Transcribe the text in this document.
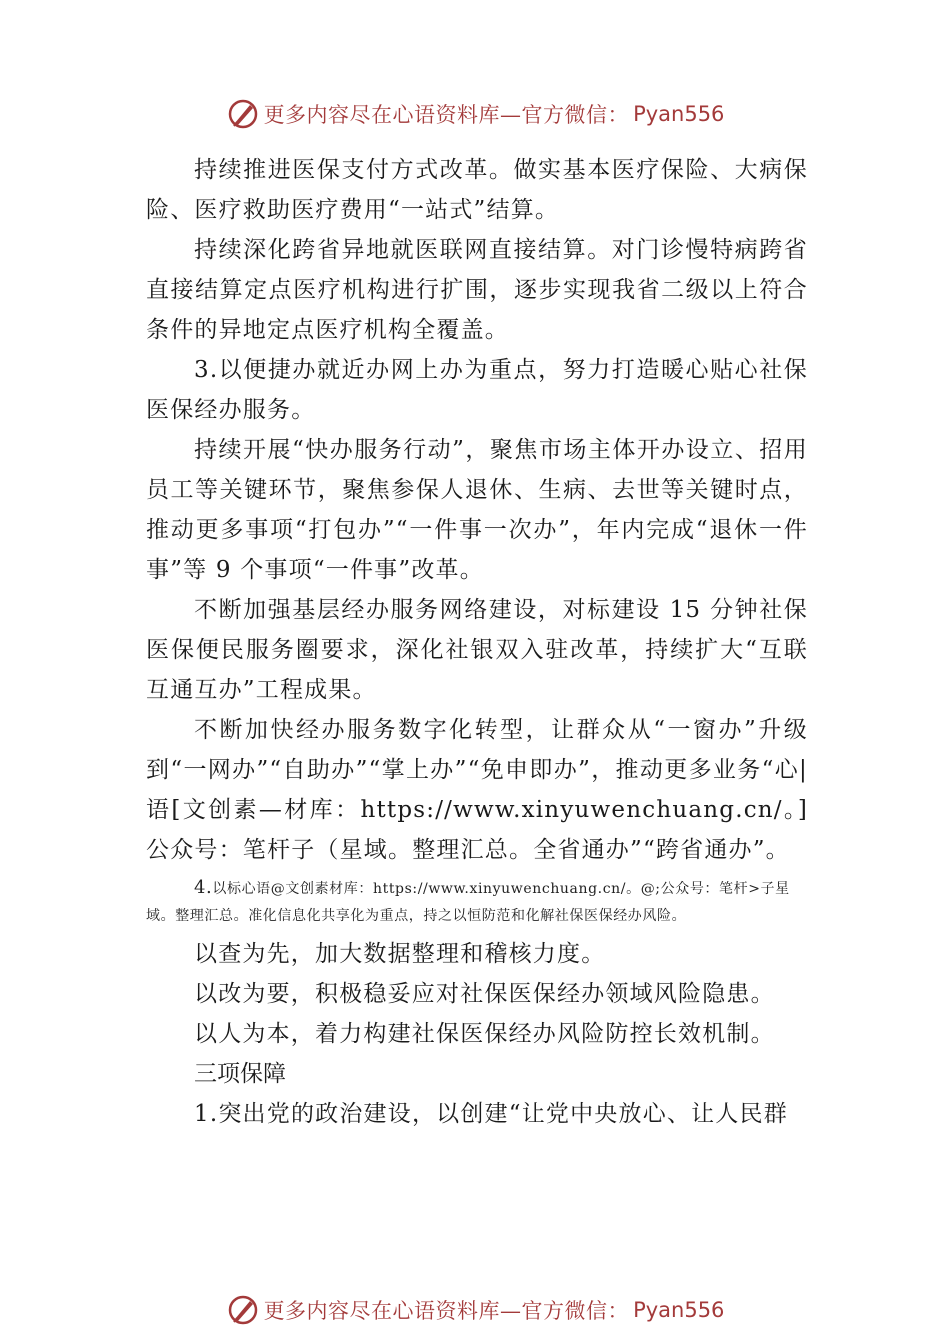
更多内容尽在心语资料库—官方微信： Pyan556

持续推进医保支付方式改革。做实基本医疗保险、大病保险、医疗救助医疗费用“一站式”结算。

持续深化跨省异地就医联网直接结算。对门诊慢特病跨省直接结算定点医疗机构进行扩围，逐步实现我省二级以上符合条件的异地定点医疗机构全覆盖。

3.以便捷办就近办网上办为重点，努力打造暖心贴心社保医保经办服务。

持续开展“快办服务行动”，聚焦市场主体开办设立、招用员工等关键环节，聚焦参保人退休、生病、去世等关键时点，推动更多事项“打包办”“一件事一次办”，年内完成“退休一件事”等 9 个事项“一件事”改革。

不断加强基层经办服务网络建设，对标建设 15 分钟社保医保便民服务圈要求，深化社银双入驻改革，持续扩大“互联互通互办”工程成果。

不断加快经办服务数字化转型，让群众从“一窗办”升级到“一网办”“自助办”“掌上办”“免申即办”，推动更多业务“心|语[文创素—材库：https://www.xinyuwenchuang.cn/。]公众号：笔杆子（星域。整理汇总。全省通办”“跨省通办”。

4.以标心语@文创素材库：https://www.xinyuwenchuang.cn/。@;公众号：笔杆>子星域。整理汇总。准化信息化共享化为重点，持之以恒防范和化解社保医保经办风险。

以查为先，加大数据整理和稽核力度。

以改为要，积极稳妥应对社保医保经办领域风险隐患。

以人为本，着力构建社保医保经办风险防控长效机制。

三项保障

1.突出党的政治建设，以创建“让党中央放心、让人民群

更多内容尽在心语资料库—官方微信： Pyan556
